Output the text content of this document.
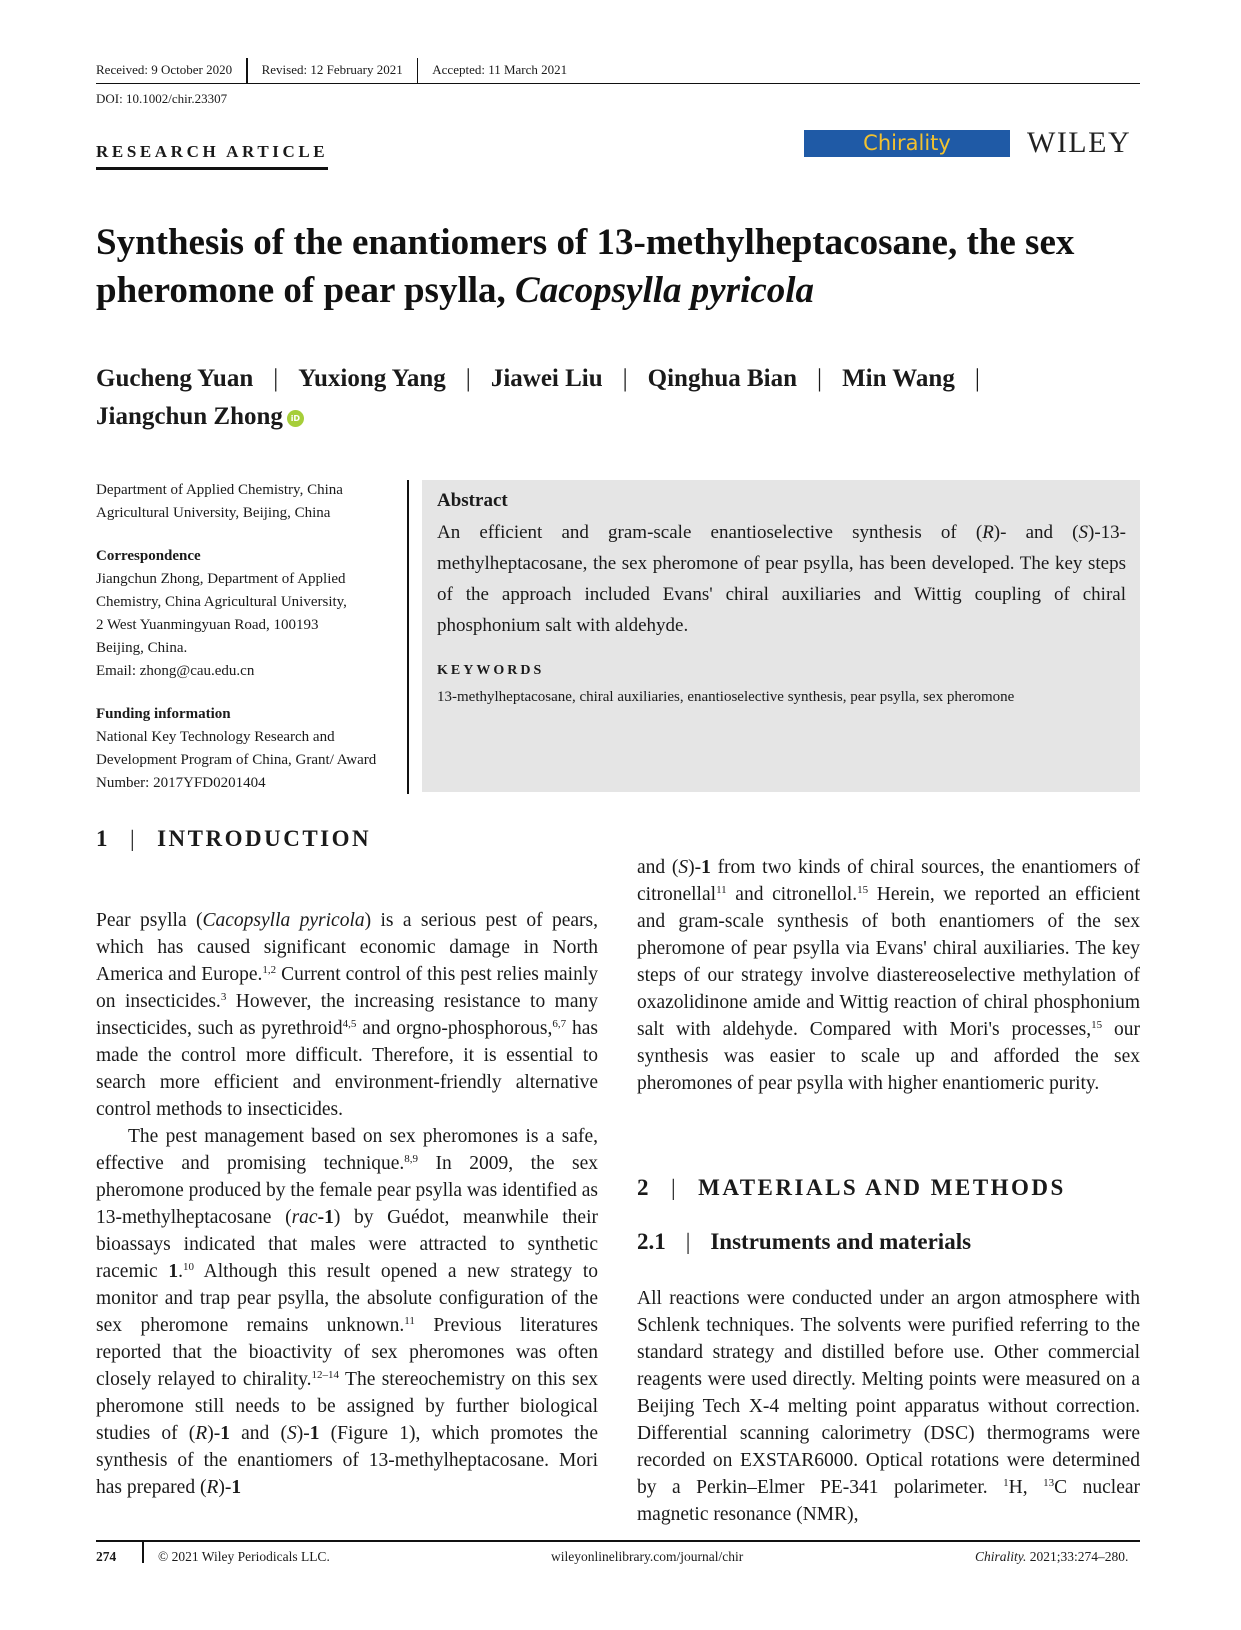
Received: 9 October 2020 Revised: 12 February 2021 Accepted: 11 March 2021
DOI: 10.1002/chir.23307
RESEARCH ARTICLE	Chirality	WILEY
Synthesis of the enantiomers of 13-methylheptacosane, the sex pheromone of pear psylla, Cacopsylla pyricola
Gucheng Yuan | Yuxiong Yang | Jiawei Liu | Qinghua Bian | Min Wang |
Jiangchun Zhong iD
Department of Applied Chemistry, China Agricultural University, Beijing, China
Correspondence
Jiangchun Zhong, Department of Applied
Chemistry, China Agricultural University,
2 West Yuanmingyuan Road, 100193
Beijing, China.
Email: zhong@cau.edu.cn
Funding information
National Key Technology Research and Development Program of China, Grant/ Award Number: 2017YFD0201404
Abstract
An efficient and gram-scale enantioselective synthesis of (R)- and (S)-13-methylheptacosane, the sex pheromone of pear psylla, has been developed. The key steps of the approach included Evans' chiral auxiliaries and Wittig coupling of chiral phosphonium salt with aldehyde.
KEYWORDS
13-methylheptacosane, chiral auxiliaries, enantioselective synthesis, pear psylla, sex pheromone
1 | INTRODUCTION

Pear psylla (Cacopsylla pyricola) is a serious pest of pears, which has caused significant economic damage in North America and Europe.$^{1,2}$ Current control of this pest relies mainly on insecticides.$^3$ However, the increasing resistance to many insecticides, such as pyrethroid$^{4,5}$ and orgno-phosphorous,$^{6,7}$ has made the control more difficult. Therefore, it is essential to search more efficient and environment-friendly alternative control methods to insecticides.

The pest management based on sex pheromones is a safe, effective and promising technique.$^{8,9}$ In 2009, the sex pheromone produced by the female pear psylla was identified as 13-methylheptacosane (rac-1) by Guédot, meanwhile their bioassays indicated that males were attracted to synthetic racemic 1.10 Although this result opened a new strategy to monitor and trap pear psylla, the absolute configuration of the sex pheromone remains unknown.$^{11}$ Previous literatures reported that the bioactivity of sex pheromones was often closely relayed to chirality.$^{12-14}$ The stereochemistry on this sex pheromone still needs to be assigned by further biological studies of (R)-1 and (S)-1 (Figure 1), which promotes the synthesis of the enantiomers of 13-methylheptacosane. Mori has prepared (R)-1

and (S)-1 from two kinds of chiral sources, the enantiomers of citronellal$^{11}$ and citronellol.$^{15}$ Herein, we reported an efficient and gram-scale synthesis of both enantiomers of the sex pheromone of pear psylla via Evans' chiral auxiliaries. The key steps of our strategy involve diastereoselective methylation of oxazolidinone amide and Wittig reaction of chiral phosphonium salt with aldehyde. Compared with Mori's processes,$^{15}$ our synthesis was easier to scale up and afforded the sex pheromones of pear psylla with higher enantiomeric purity.

2 | MATERIALS AND METHODS
2.1 | Instruments and materials

All reactions were conducted under an argon atmosphere with Schlenk techniques. The solvents were purified referring to the standard strategy and distilled before use. Other commercial reagents were used directly. Melting points were measured on a Beijing Tech X-4 melting point apparatus without correction. Differential scanning calorimetry (DSC) thermograms were recorded on EXSTAR6000. Optical rotations were determined by a Perkin–Elmer PE-341 polarimeter. $^1$H, $^{13}$C nuclear magnetic resonance (NMR),

274	© 2021 Wiley Periodicals LLC.	wileyonlinelibrary.com/journal/chir	Chirality. 2021;33:274–280.
